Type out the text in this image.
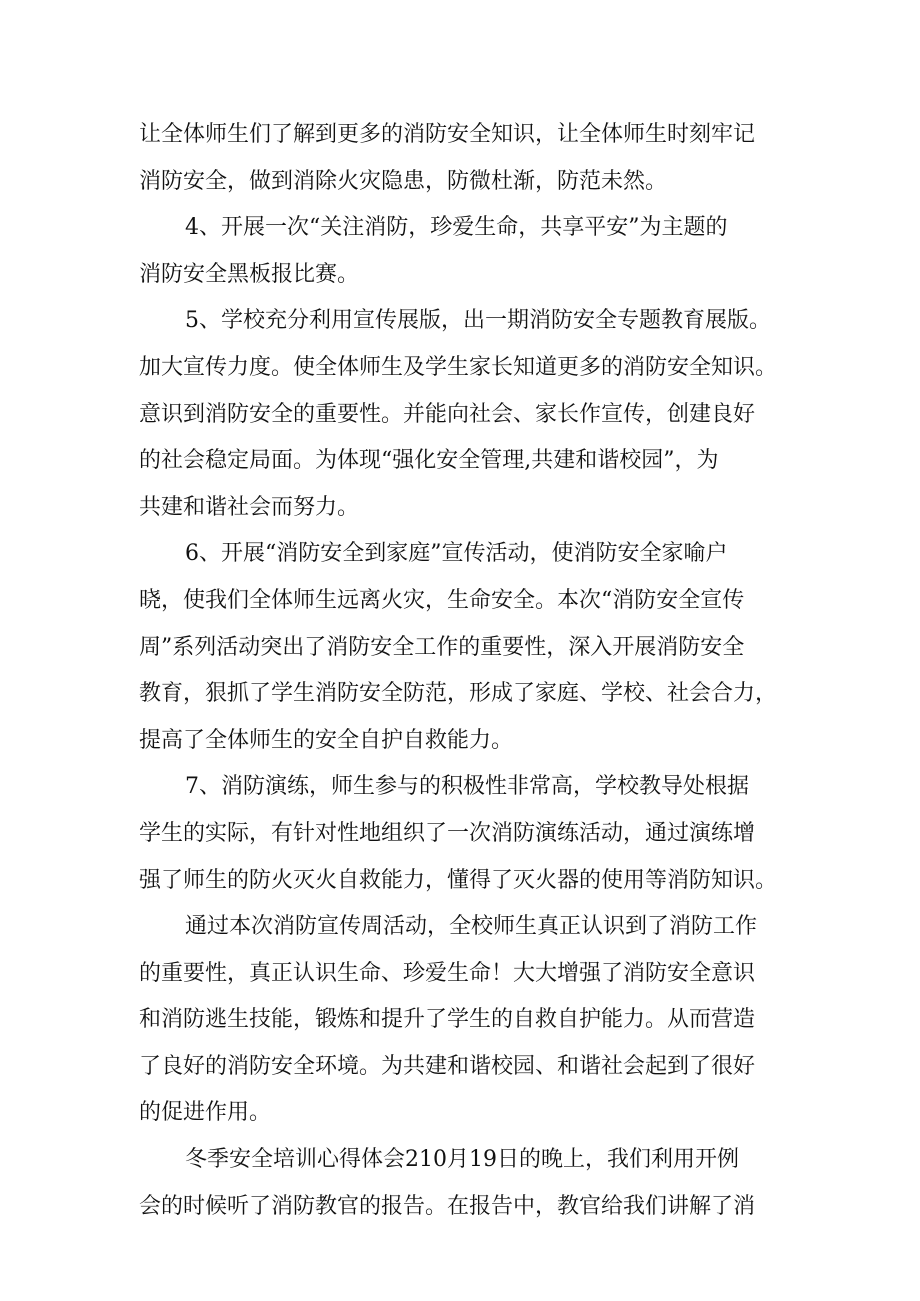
让全体师生们了解到更多的消防安全知识，让全体师生时刻牢记
消防安全，做到消除火灾隐患，防微杜渐，防范未然。
4、开展一次“关注消防，珍爱生命，共享平安”为主题的
消防安全黑板报比赛。
5、学校充分利用宣传展版，出一期消防安全专题教育展版。
加大宣传力度。使全体师生及学生家长知道更多的消防安全知识。
意识到消防安全的重要性。并能向社会、家长作宣传，创建良好
的社会稳定局面。为体现“强化安全管理,共建和谐校园”，为
共建和谐社会而努力。
6、开展“消防安全到家庭”宣传活动，使消防安全家喻户
晓，使我们全体师生远离火灾，生命安全。本次“消防安全宣传
周”系列活动突出了消防安全工作的重要性，深入开展消防安全
教育，狠抓了学生消防安全防范，形成了家庭、学校、社会合力，
提高了全体师生的安全自护自救能力。
7、消防演练，师生参与的积极性非常高，学校教导处根据
学生的实际，有针对性地组织了一次消防演练活动，通过演练增
强了师生的防火灭火自救能力，懂得了灭火器的使用等消防知识。
通过本次消防宣传周活动，全校师生真正认识到了消防工作
的重要性，真正认识生命、珍爱生命！大大增强了消防安全意识
和消防逃生技能，锻炼和提升了学生的自救自护能力。从而营造
了良好的消防安全环境。为共建和谐校园、和谐社会起到了很好
的促进作用。
冬季安全培训心得体会210月19日的晚上，我们利用开例
会的时候听了消防教官的报告。在报告中，教官给我们讲解了消
